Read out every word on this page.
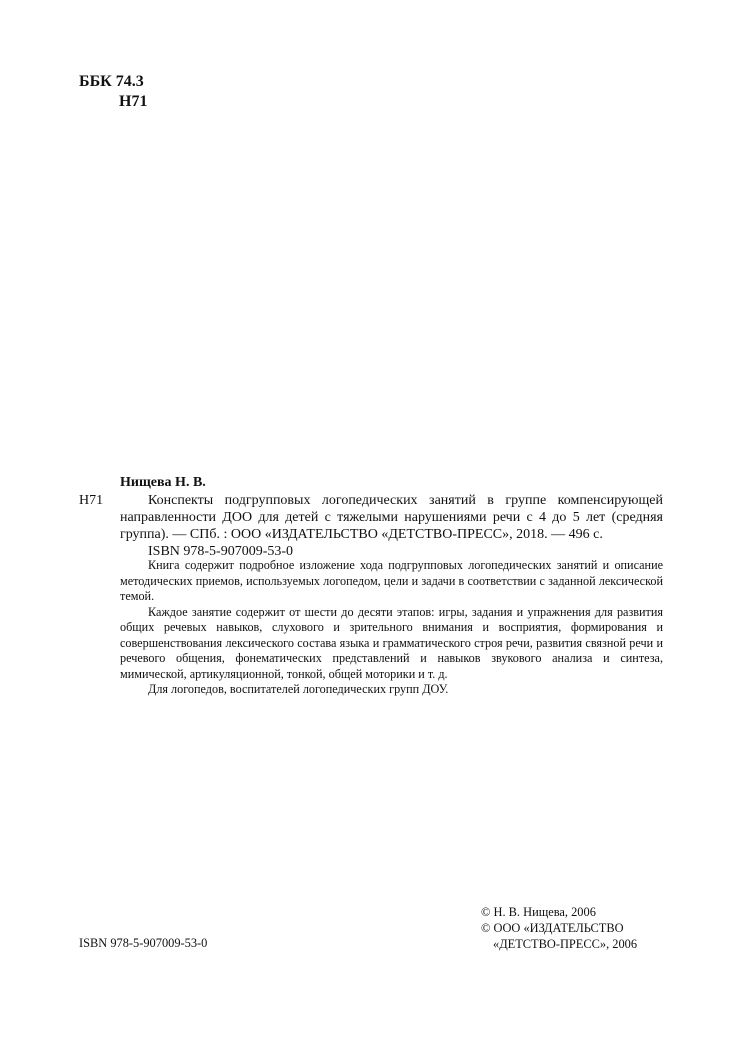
ББК 74.3
Н71
Нищева Н. В.
Н71	Конспекты подгрупповых логопедических занятий в группе компенсирующей направленности ДОО для детей с тяжелыми нарушениями речи с 4 до 5 лет (средняя группа). — СПб. : ООО «ИЗДАТЕЛЬСТВО «ДЕТСТВО-ПРЕСС», 2018. — 496 с.

ISBN 978-5-907009-53-0

Книга содержит подробное изложение хода подгрупповых логопедических занятий и описание методических приемов, используемых логопедом, цели и задачи в соответствии с заданной лексической темой.

Каждое занятие содержит от шести до десяти этапов: игры, задания и упражнения для развития общих речевых навыков, слухового и зрительного внимания и восприятия, формирования и совершенствования лексического состава языка и грамматического строя речи, развития связной речи и речевого общения, фонематических представлений и навыков звукового анализа и синтеза, мимической, артикуляционной, тонкой, общей моторики и т. д.

Для логопедов, воспитателей логопедических групп ДОУ.

© Н. В. Нищева, 2006
© ООО «ИЗДАТЕЛЬСТВО
«ДЕТСТВО-ПРЕСС», 2006
ISBN 978-5-907009-53-0
